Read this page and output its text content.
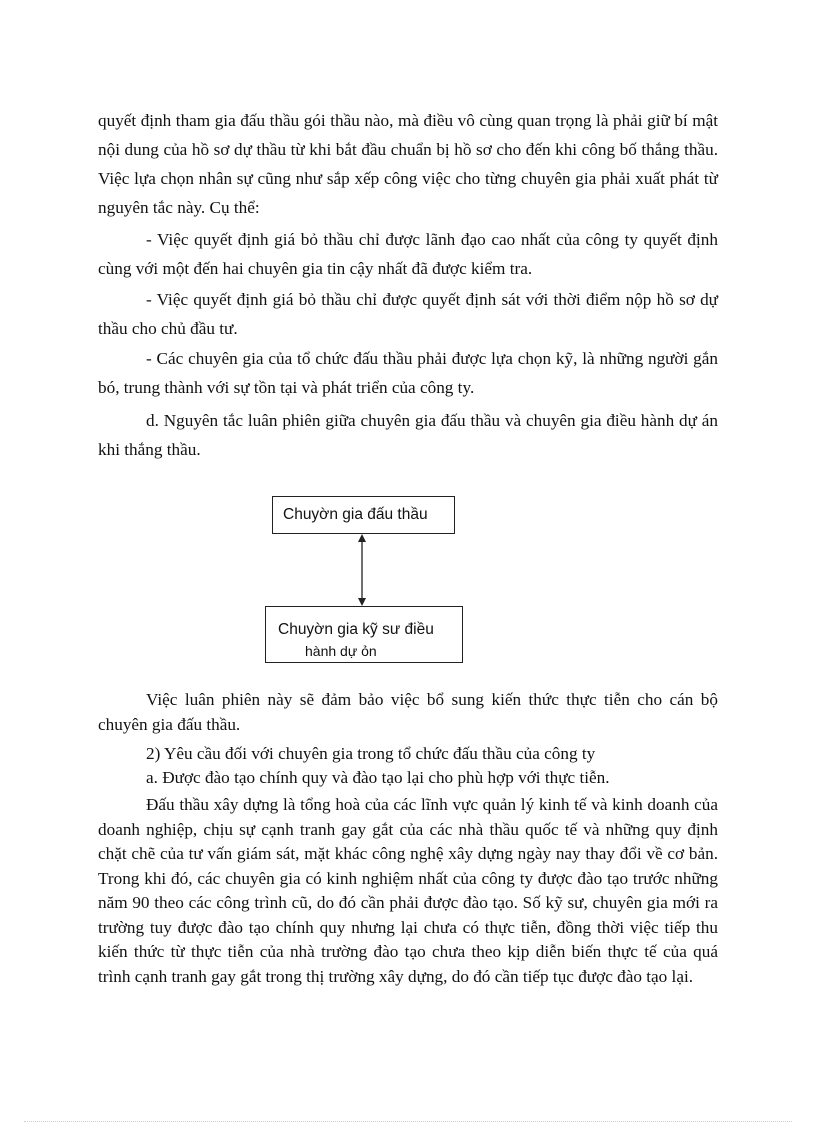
quyết định tham gia đấu thầu gói thầu nào, mà điều vô cùng quan trọng là phải giữ bí mật nội dung của hồ sơ dự thầu từ khi bắt đầu chuẩn bị hồ sơ cho đến khi công bố thắng thầu. Việc lựa chọn nhân sự cũng như sắp xếp công việc cho từng chuyên gia phải xuất phát từ nguyên tắc này. Cụ thể:

- Việc quyết định giá bỏ thầu chỉ được lãnh đạo cao nhất của công ty quyết định cùng với một đến hai chuyên gia tin cậy nhất đã được kiểm tra.

- Việc quyết định giá bỏ thầu chỉ được quyết định sát với thời điểm nộp hồ sơ dự thầu cho chủ đầu tư.

- Các chuyên gia của tổ chức đấu thầu phải được lựa chọn kỹ, là những người gắn bó, trung thành với sự tồn tại và phát triển của công ty.

d. Nguyên tắc luân phiên giữa chuyên gia đấu thầu và chuyên gia điều hành dự án khi thắng thầu.

Chuyờn gia đấu thầu
Chuyờn gia kỹ sư điều
hành dự ỏn

Việc luân phiên này sẽ đảm bảo việc bổ sung kiến thức thực tiễn cho cán bộ chuyên gia đấu thầu.

2) Yêu cầu đối với chuyên gia trong tổ chức đấu thầu của công ty

a. Được đào tạo chính quy và đào tạo lại cho phù hợp với thực tiễn.

Đấu thầu xây dựng là tổng hoà của các lĩnh vực quản lý kinh tế và kinh doanh của doanh nghiệp, chịu sự cạnh tranh gay gắt của các nhà thầu quốc tế và những quy định chặt chẽ của tư vấn giám sát, mặt khác công nghệ xây dựng ngày nay thay đổi về cơ bản. Trong khi đó, các chuyên gia có kinh nghiệm nhất của công ty được đào tạo trước những năm 90 theo các công trình cũ, do đó cần phải được đào tạo. Số kỹ sư, chuyên gia mới ra trường tuy được đào tạo chính quy nhưng lại chưa có thực tiễn, đồng thời việc tiếp thu kiến thức từ thực tiễn của nhà trường đào tạo chưa theo kịp diễn biến thực tế của quá trình cạnh tranh gay gắt trong thị trường xây dựng, do đó cần tiếp tục được đào tạo lại.
